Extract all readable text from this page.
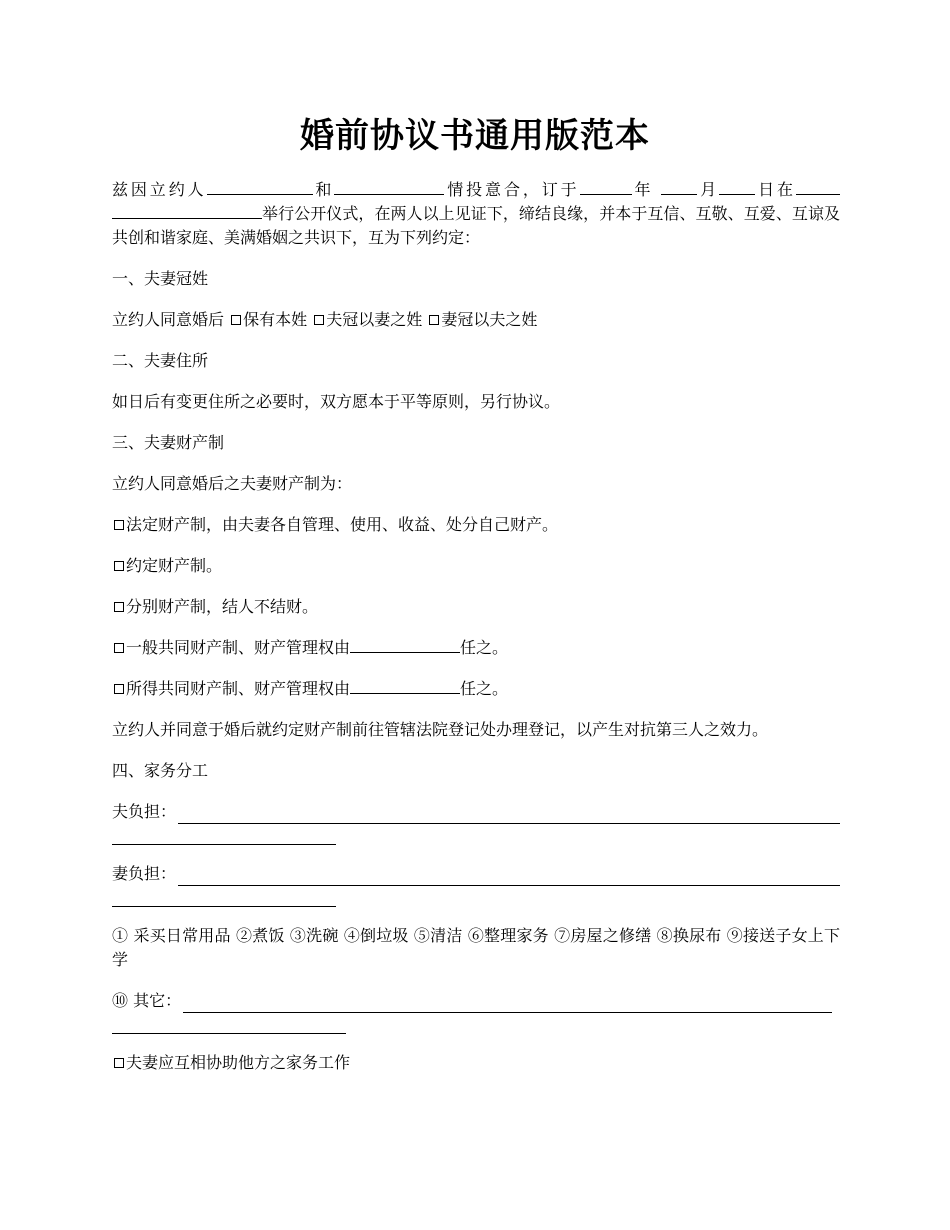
婚前协议书通用版范本

兹因立约人	和	情投意合，订于	年	月 日在举行公开仪式，在两人以上见证下，缔结良缘，并本于互信、互敬、互爱、互谅及共创和谐家庭、美满婚姻之共识下，互为下列约定：

一、夫妻冠姓

立约人同意婚后 保有本姓 夫冠以妻之姓 妻冠以夫之姓

二、夫妻住所

如日后有变更住所之必要时，双方愿本于平等原则，另行协议。

三、夫妻财产制

立约人同意婚后之夫妻财产制为：

法定财产制，由夫妻各自管理、使用、收益、处分自己财产。

约定财产制。

分别财产制，结人不结财。

一般共同财产制、财产管理权由	任之。

所得共同财产制、财产管理权由	任之。

立约人并同意于婚后就约定财产制前往管辖法院登记处办理登记，以产生对抗第三人之效力。

四、家务分工

夫负担：
妻负担：

① 采买日常用品 ②煮饭 ③洗碗 ④倒垃圾 ⑤清洁 ⑥整理家务 ⑦房屋之修缮 ⑧换尿布 ⑨接送子女上下学

⑩ 其它：

夫妻应互相协助他方之家务工作
